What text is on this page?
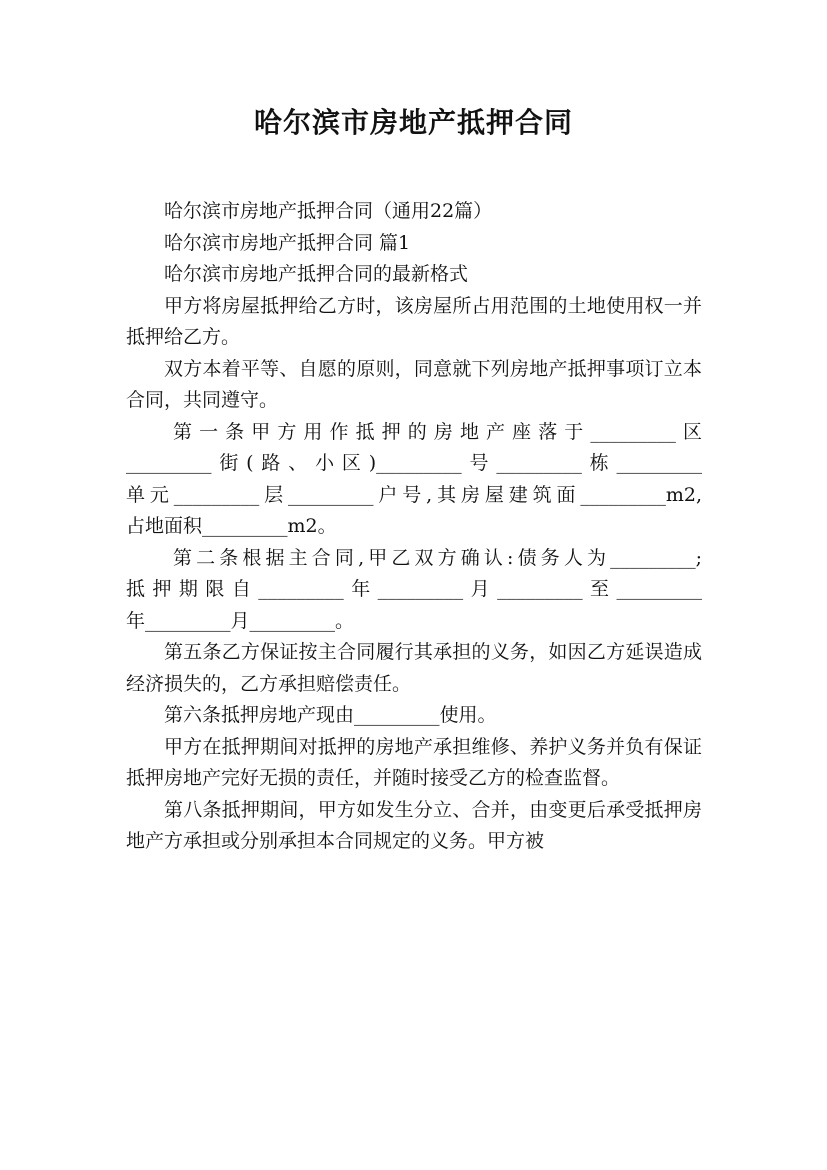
哈尔滨市房地产抵押合同

哈尔滨市房地产抵押合同（通用22篇）

哈尔滨市房地产抵押合同 篇1

哈尔滨市房地产抵押合同的最新格式

甲方将房屋抵押给乙方时，该房屋所占用范围的土地使用权一并抵押给乙方。

双方本着平等、自愿的原则，同意就下列房地产抵押事项订立本合同，共同遵守。

第一条甲方用作抵押的房地产座落于_________区
_________街(路、小区)_________号_________栋_________
单元_________层_________户号,其房屋建筑面_________m2,
占地面积_________m2。
第二条根据主合同,甲乙双方确认:债务人为_________;
抵押期限自_________年_________月_________至_________
年_________月_________。

第五条乙方保证按主合同履行其承担的义务，如因乙方延误造成经济损失的，乙方承担赔偿责任。

第六条抵押房地产现由_________使用。

甲方在抵押期间对抵押的房地产承担维修、养护义务并负有保证抵押房地产完好无损的责任，并随时接受乙方的检查监督。

第八条抵押期间，甲方如发生分立、合并，由变更后承受抵押房地产方承担或分别承担本合同规定的义务。甲方被
